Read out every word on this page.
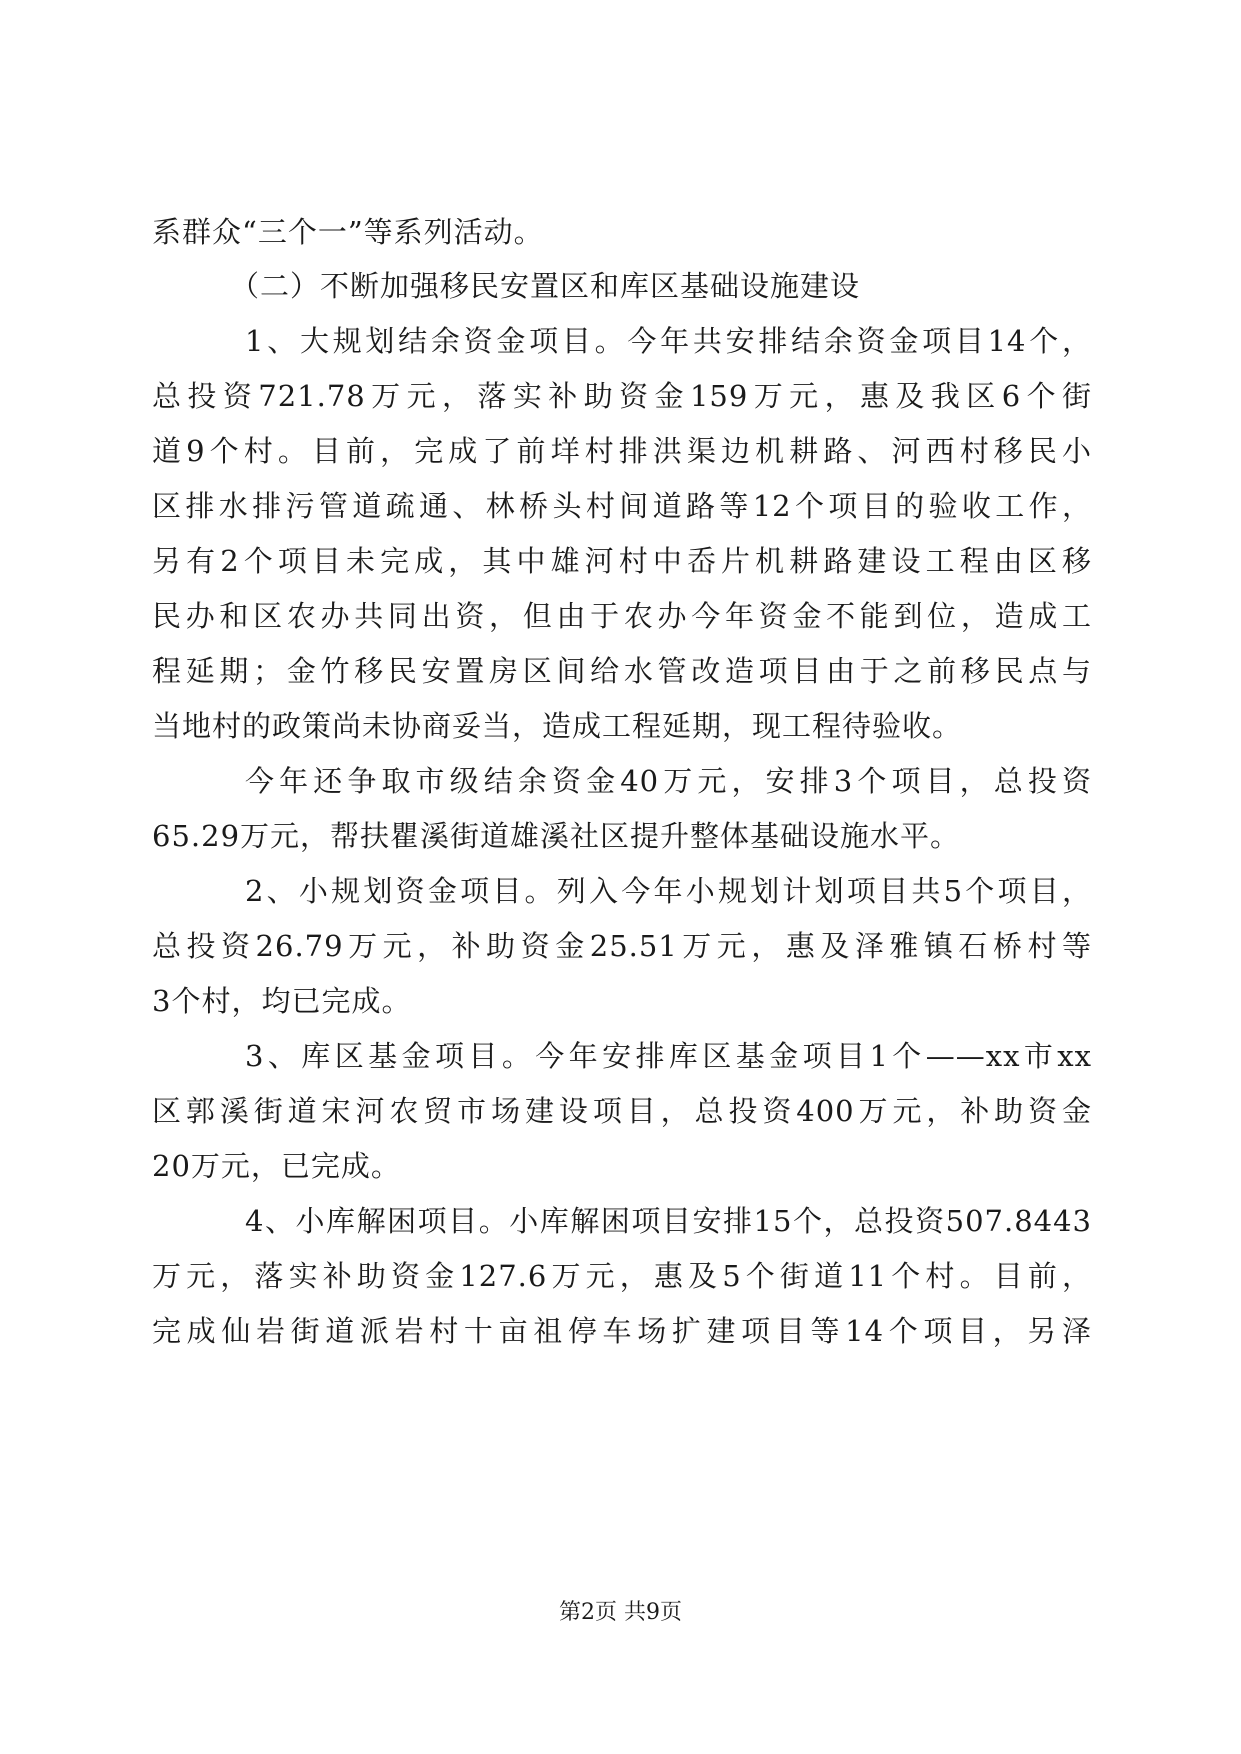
系群众“三个一”等系列活动。
（二）不断加强移民安置区和库区基础设施建设
1、大规划结余资金项目。今年共安排结余资金项目14个，
总投资721.78万元，落实补助资金159万元，惠及我区6个街
道9个村。目前，完成了前垟村排洪渠边机耕路、河西村移民小
区排水排污管道疏通、林桥头村间道路等12个项目的验收工作，
另有2个项目未完成，其中雄河村中岙片机耕路建设工程由区移
民办和区农办共同出资，但由于农办今年资金不能到位，造成工
程延期；金竹移民安置房区间给水管改造项目由于之前移民点与
当地村的政策尚未协商妥当，造成工程延期，现工程待验收。
今年还争取市级结余资金40万元，安排3个项目，总投资
65.29万元，帮扶瞿溪街道雄溪社区提升整体基础设施水平。
2、小规划资金项目。列入今年小规划计划项目共5个项目，
总投资26.79万元，补助资金25.51万元，惠及泽雅镇石桥村等
3个村，均已完成。
3、库区基金项目。今年安排库区基金项目1个——xx市xx
区郭溪街道宋河农贸市场建设项目，总投资400万元，补助资金
20万元，已完成。
4、小库解困项目。小库解困项目安排15个，总投资507.8443
万元，落实补助资金127.6万元，惠及5个街道11个村。目前，
完成仙岩街道派岩村十亩祖停车场扩建项目等14个项目，另泽
第2页 共9页
